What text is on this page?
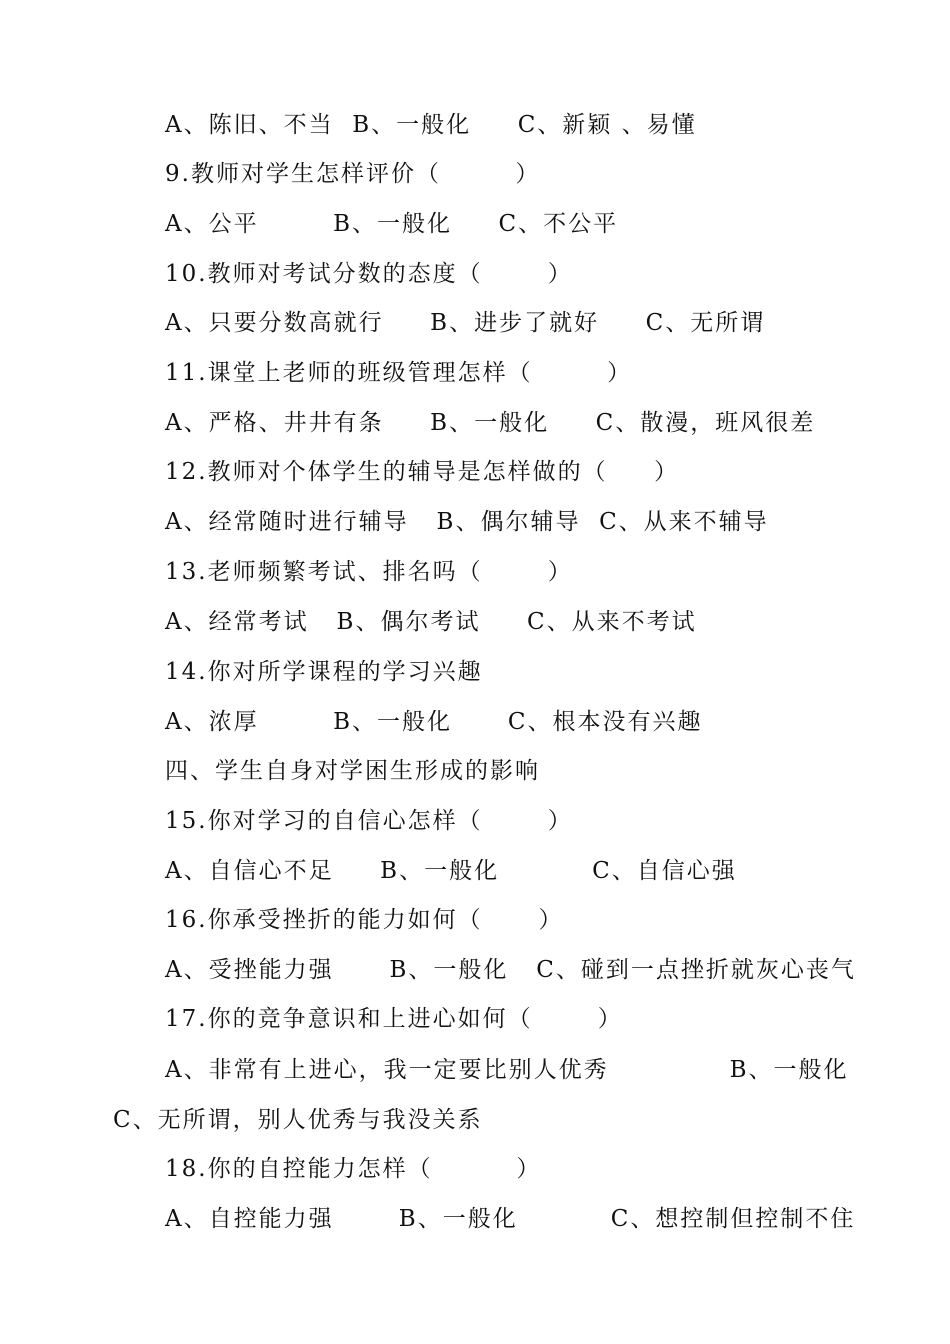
A、陈旧、不当  B、一般化     C、新颖 、易懂
9.教师对学生怎样评价（        ）
A、公平        B、一般化     C、不公平
10.教师对考试分数的态度（       ）
A、只要分数高就行     B、进步了就好     C、无所谓
11.课堂上老师的班级管理怎样（        ）
A、严格、井井有条     B、一般化     C、散漫，班风很差
12.教师对个体学生的辅导是怎样做的（     ）
A、经常随时进行辅导   B、偶尔辅导  C、从来不辅导
13.老师频繁考试、排名吗（       ）
A、经常考试   B、偶尔考试     C、从来不考试
14.你对所学课程的学习兴趣
A、浓厚        B、一般化      C、根本没有兴趣
四、学生自身对学困生形成的影响
15.你对学习的自信心怎样（       ）
A、自信心不足     B、一般化          C、自信心强
16.你承受挫折的能力如何（      ）
A、受挫能力强      B、一般化   C、碰到一点挫折就灰心丧气
17.你的竞争意识和上进心如何（       ）
A、非常有上进心，我一定要比别人优秀             B、一般化
C、无所谓，别人优秀与我没关系
18.你的自控能力怎样（         ）
A、自控能力强       B、一般化          C、想控制但控制不住
